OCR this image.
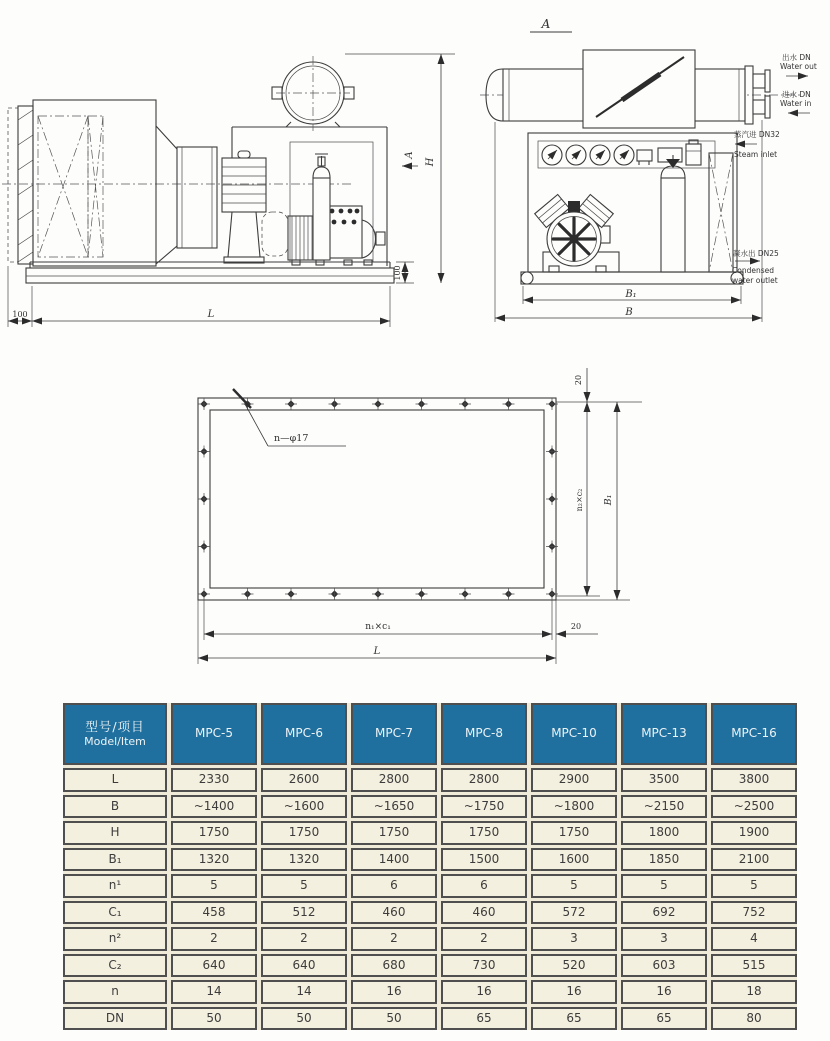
H
A
100
100	L
A
B₁
B
出水 DN
Water out
进水 DN
Water in
蒸汽进 DN32
Steam inlet
凝水出 DN25
Condensed
water outlet
n—φ17
20
n₂×c₂ B₁
n₁×c₁	20
L
型号/项目
Model/Item
MPC-5	MPC-6	MPC-7	MPC-8	MPC-10	MPC-13	MPC-16
L	2330	2600	2800	2800	2900	3500	3800
B	~1400	~1600	~1650	~1750	~1800	~2150	~2500
H	1750	1750	1750	1750	1750	1800	1900
B₁	1320	1320	1400	1500	1600	1850	2100
n¹	5	5	6	6	5	5	5
C₁	458	512	460	460	572	692	752
n²	2	2	2	2	3	3	4
C₂	640	640	680	730	520	603	515
n	14	14	16	16	16	16	18
DN	50	50	50	65	65	65	80
